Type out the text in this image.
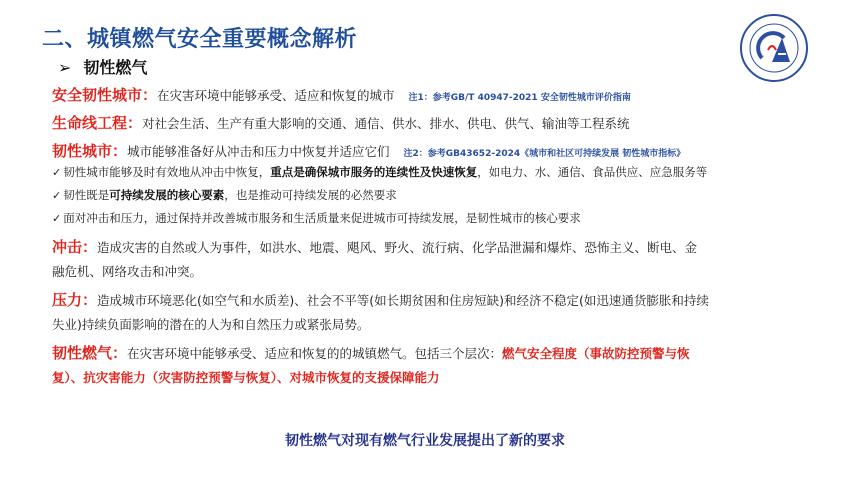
二、城镇燃气安全重要概念解析
➢ 韧性燃气
安全韧性城市：在灾害环境中能够承受、适应和恢复的城市 注1：参考GB/T 40947-2021 安全韧性城市评价指南
生命线工程：对社会生活、生产有重大影响的交通、通信、供水、排水、供电、供气、输油等工程系统
韧性城市：城市能够准备好从冲击和压力中恢复并适应它们 注2：参考GB43652-2024《城市和社区可持续发展 韧性城市指标》
✓ 韧性城市能够及时有效地从冲击中恢复，重点是确保城市服务的连续性及快速恢复，如电力、水、通信、食品供应、应急服务等
✓ 韧性既是可持续发展的核心要素，也是推动可持续发展的必然要求
✓ 面对冲击和压力，通过保持并改善城市服务和生活质量来促进城市可持续发展，是韧性城市的核心要求
冲击：造成灾害的自然或人为事件，如洪水、地震、飓风、野火、流行病、化学品泄漏和爆炸、恐怖主义、断电、金
融危机、网络攻击和冲突。
压力：造成城市环境恶化(如空气和水质差)、社会不平等(如长期贫困和住房短缺)和经济不稳定(如迅速通货膨胀和持续
失业)持续负面影响的潜在的人为和自然压力或紧张局势。
韧性燃气：在灾害环境中能够承受、适应和恢复的的城镇燃气。包括三个层次：燃气安全程度（事故防控预警与恢
复）、抗灾害能力（灾害防控预警与恢复）、对城市恢复的支援保障能力
韧性燃气对现有燃气行业发展提出了新的要求
